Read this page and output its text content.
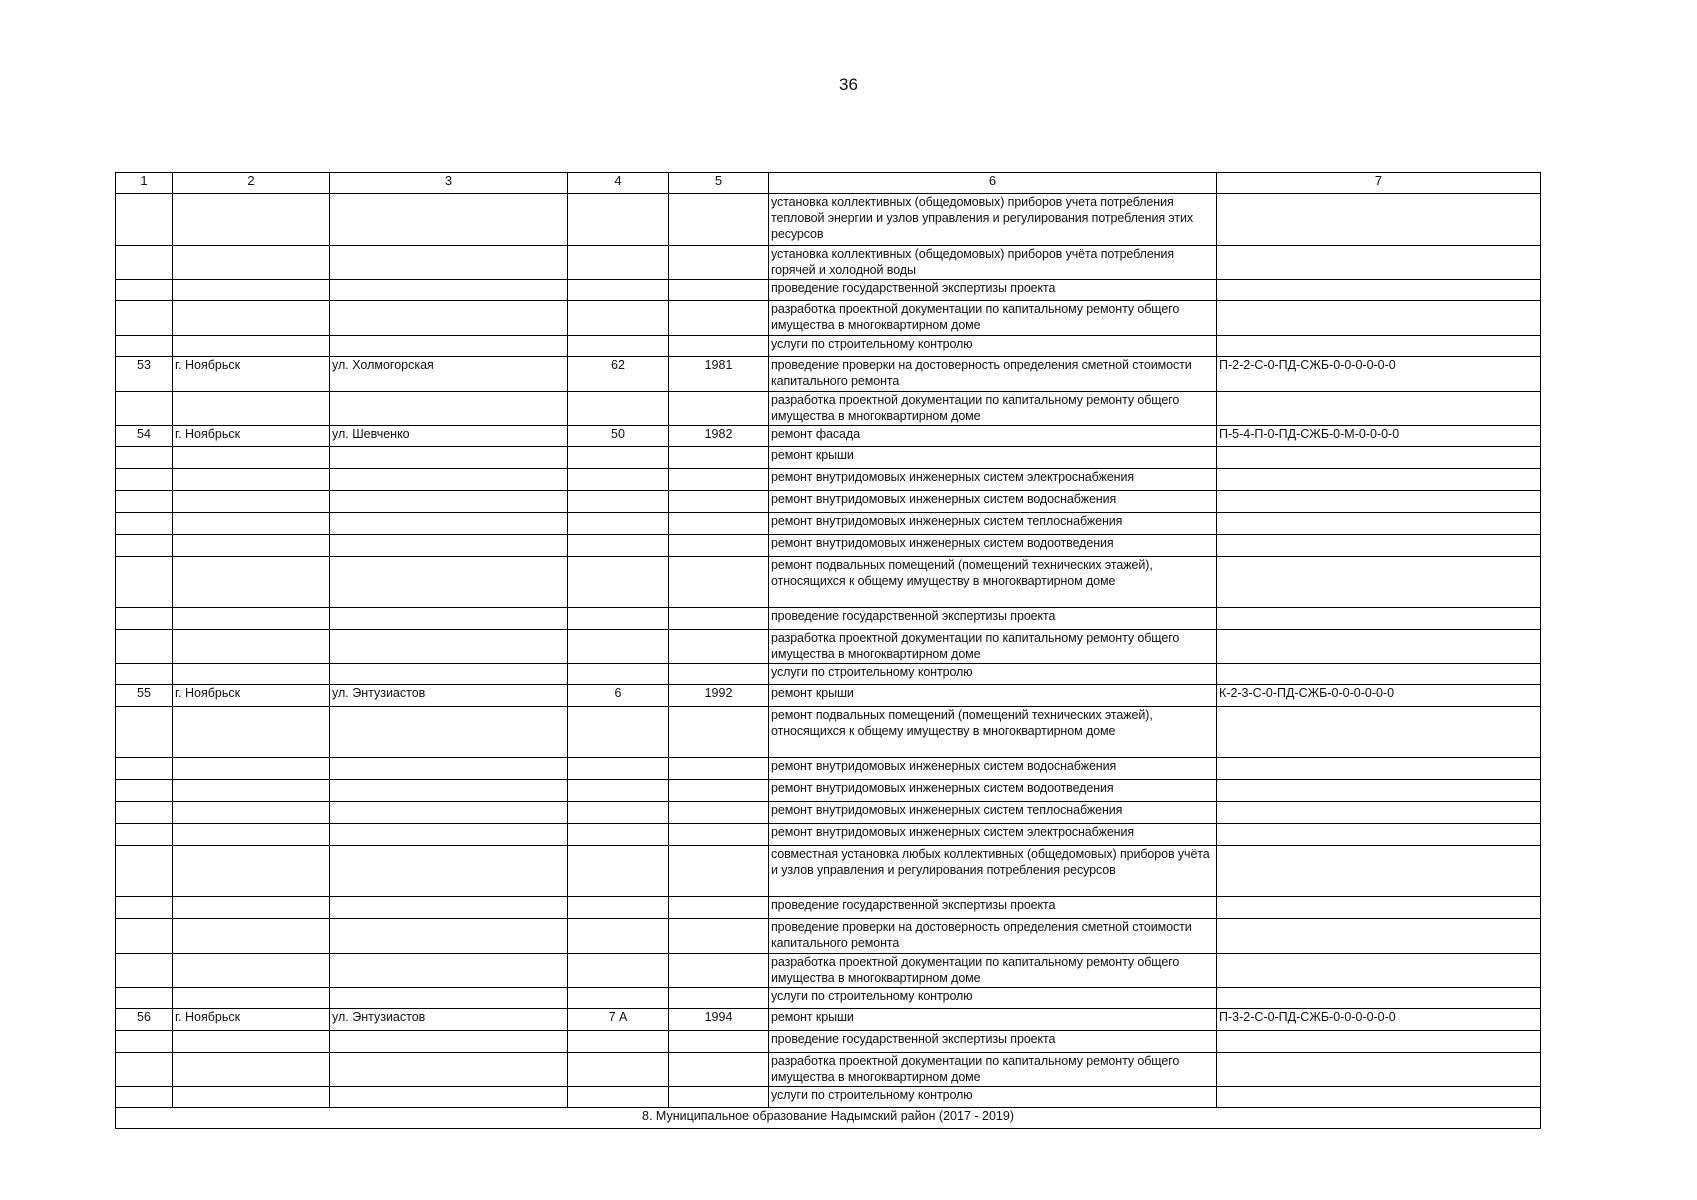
36
1	2	3	4	5	6	7
					установка коллективных (общедомовых) приборов учета потребления тепловой энергии и узлов управления и регулирования потребления этих ресурсов	
					установка коллективных (общедомовых) приборов учёта потребления горячей и холодной воды	
					проведение государственной экспертизы проекта	
					разработка проектной документации по капитальному ремонту общего имущества в многоквартирном доме	
					услуги по строительному контролю	
53	г. Ноябрьск	ул. Холмогорская	62	1981	проведение проверки на достоверность определения сметной стоимости капитального ремонта	П-2-2-С-0-ПД-СЖБ-0-0-0-0-0-0
					разработка проектной документации по капитальному ремонту общего имущества в многоквартирном доме	
54	г. Ноябрьск	ул. Шевченко	50	1982	ремонт фасада	П-5-4-П-0-ПД-СЖБ-0-М-0-0-0-0
					ремонт крыши	
					ремонт внутридомовых инженерных систем электроснабжения	
					ремонт внутридомовых инженерных систем водоснабжения	
					ремонт внутридомовых инженерных систем теплоснабжения	
					ремонт внутридомовых инженерных систем водоотведения	
					ремонт подвальных помещений (помещений технических этажей), относящихся к общему имуществу в многоквартирном доме	
					проведение государственной экспертизы проекта	
					разработка проектной документации по капитальному ремонту общего имущества в многоквартирном доме	
					услуги по строительному контролю	
55	г. Ноябрьск	ул. Энтузиастов	6	1992	ремонт крыши	К-2-3-С-0-ПД-СЖБ-0-0-0-0-0-0
					ремонт подвальных помещений (помещений технических этажей), относящихся к общему имуществу в многоквартирном доме	
					ремонт внутридомовых инженерных систем водоснабжения	
					ремонт внутридомовых инженерных систем водоотведения	
					ремонт внутридомовых инженерных систем теплоснабжения	
					ремонт внутридомовых инженерных систем электроснабжения	
					совместная установка любых коллективных (общедомовых) приборов учёта и узлов управления и регулирования потребления ресурсов	
					проведение государственной экспертизы проекта	
					проведение проверки на достоверность определения сметной стоимости капитального ремонта	
					разработка проектной документации по капитальному ремонту общего имущества в многоквартирном доме	
					услуги по строительному контролю	
56	г. Ноябрьск	ул. Энтузиастов	7 А	1994	ремонт крыши	П-3-2-С-0-ПД-СЖБ-0-0-0-0-0-0
					проведение государственной экспертизы проекта	
					разработка проектной документации по капитальному ремонту общего имущества в многоквартирном доме	
					услуги по строительному контролю	
8. Муниципальное образование Надымский район (2017 - 2019)						
